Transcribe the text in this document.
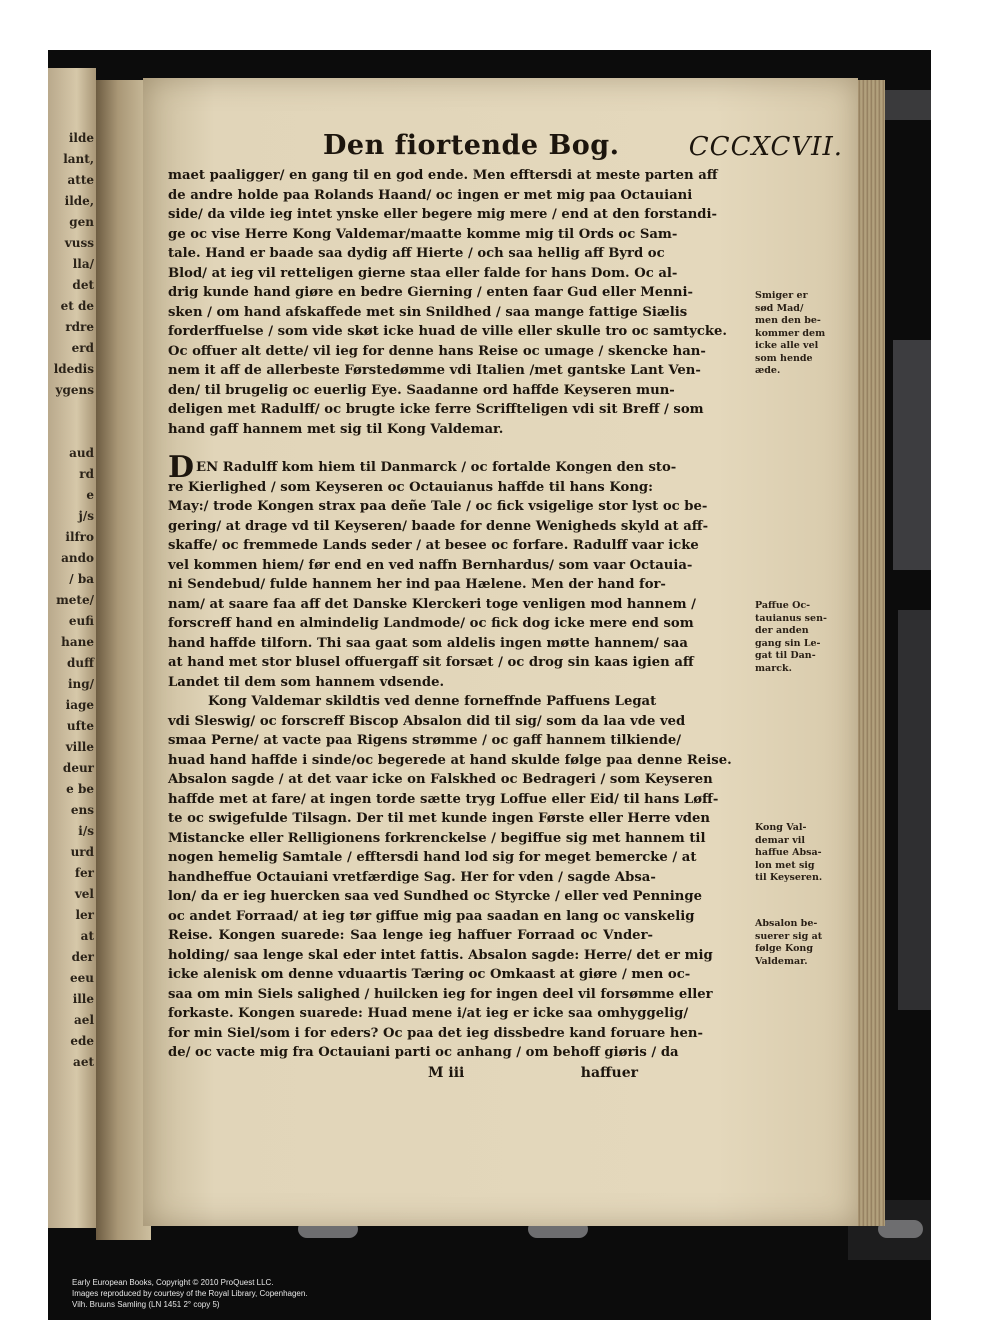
ilde
lant,
atte
ilde,
gen
vuss
lla/
det
et de
rdre
erd
ldedis
ygens
aud
rd
e
j/s
ilfro
ando
/ ba
mete/
eufi
hane
duff
ing/
iage
ufte
ville
deur
e be
ens
i/s
urd
fer
vel
ler
at
der
eeu
ille
ael
ede
aet
Den fiortende Bog.	CCCXCVII.
maet paaligger/ en gang til en god ende. Men efftersdi at meste parten aff
de andre holde paa Rolands Haand/ oc ingen er met mig paa Octauiani
side/ da vilde ieg intet ynske eller begere mig mere / end at den forstandi-
ge oc vise Herre Kong Valdemar/maatte komme mig til Ords oc Sam-
tale. Hand er baade saa dydig aff Hierte / och saa hellig aff Byrd oc
Blod/ at ieg vil retteligen gierne staa eller falde for hans Dom. Oc al-
drig kunde hand giøre en bedre Gierning / enten faar Gud eller Menni-
sken / om hand afskaffede met sin Snildhed / saa mange fattige Siælis
forderffuelse / som vide skøt icke huad de ville eller skulle tro oc samtycke.
Oc offuer alt dette/ vil ieg for denne hans Reise oc umage / skencke han-
nem it aff de allerbeste Førstedømme vdi Italien /met gantske Lant Ven-
den/ til brugelig oc euerlig Eye. Saadanne ord haffde Keyseren mun-
deligen met Radulff/ oc brugte icke ferre Scriffteligen vdi sit Breff / som
hand gaff hannem met sig til Kong Valdemar.
DEN Radulff kom hiem til Danmarck / oc fortalde Kongen den sto-
re Kierlighed / som Keyseren oc Octauianus haffde til hans Kong:
May:/ trode Kongen strax paa deñe Tale / oc fick vsigelige stor lyst oc be-
gering/ at drage vd til Keyseren/ baade for denne Wenigheds skyld at aff-
skaffe/ oc fremmede Lands seder / at besee oc forfare. Radulff vaar icke
vel kommen hiem/ før end en ved naffn Bernhardus/ som vaar Octauia-
ni Sendebud/ fulde hannem her ind paa Hælene. Men der hand for-
nam/ at saare faa aff det Danske Klerckeri toge venligen mod hannem /
forscreff hand en almindelig Landmode/ oc fick dog icke mere end som
hand haffde tilforn. Thi saa gaat som aldelis ingen møtte hannem/ saa
at hand met stor blusel offuergaff sit forsæt / oc drog sin kaas igien aff
Landet til dem som hannem vdsende.
Kong Valdemar skildtis ved denne forneffnde Paffuens Legat
vdi Sleswig/ oc forscreff Biscop Absalon did til sig/ som da laa vde ved
smaa Perne/ at vacte paa Rigens strømme / oc gaff hannem tilkiende/
huad hand haffde i sinde/oc begerede at hand skulde følge paa denne Reise.
Absalon sagde / at det vaar icke on Falskhed oc Bedrageri / som Keyseren
haffde met at fare/ at ingen torde sætte tryg Loffue eller Eid/ til hans Løff-
te oc swigefulde Tilsagn. Der til met kunde ingen Første eller Herre vden
Mistancke eller Relligionens forkrenckelse / begiffue sig met hannem til
nogen hemelig Samtale / efftersdi hand lod sig for meget bemercke / at
handheffue Octauiani vretfærdige Sag. Her for vden / sagde Absa-
lon/ da er ieg huercken saa ved Sundhed oc Styrcke / eller ved Penninge
oc andet Forraad/ at ieg tør giffue mig paa saadan en lang oc vanskelig
Reise. Kongen suarede: Saa lenge ieg haffuer Forraad oc Vnder-
holding/ saa lenge skal eder intet fattis. Absalon sagde: Herre/ det er mig
icke alenisk om denne vduaartis Tæring oc Omkaast at giøre / men oc-
saa om min Siels salighed / huilcken ieg for ingen deel vil forsømme eller
forkaste. Kongen suarede: Huad mene i/at ieg er icke saa omhyggelig/
for min Siel/som i for eders? Oc paa det ieg dissbedre kand foruare hen-
de/ oc vacte mig fra Octauiani parti oc anhang / om behoff giøris / da
M iii	haffuer
Smiger er
sød Mad/
men den be-
kommer dem
icke alle vel
som hende
æde.
Paffue Oc-
tauianus sen-
der anden
gang sin Le-
gat til Dan-
marck.
Kong Val-
demar vil
haffue Absa-
lon met sig
til Keyseren.
Absalon be-
suerer sig at
følge Kong
Valdemar.
Early European Books, Copyright © 2010 ProQuest LLC.
Images reproduced by courtesy of the Royal Library, Copenhagen.
Vilh. Bruuns Samling (LN 1451 2° copy 5)
